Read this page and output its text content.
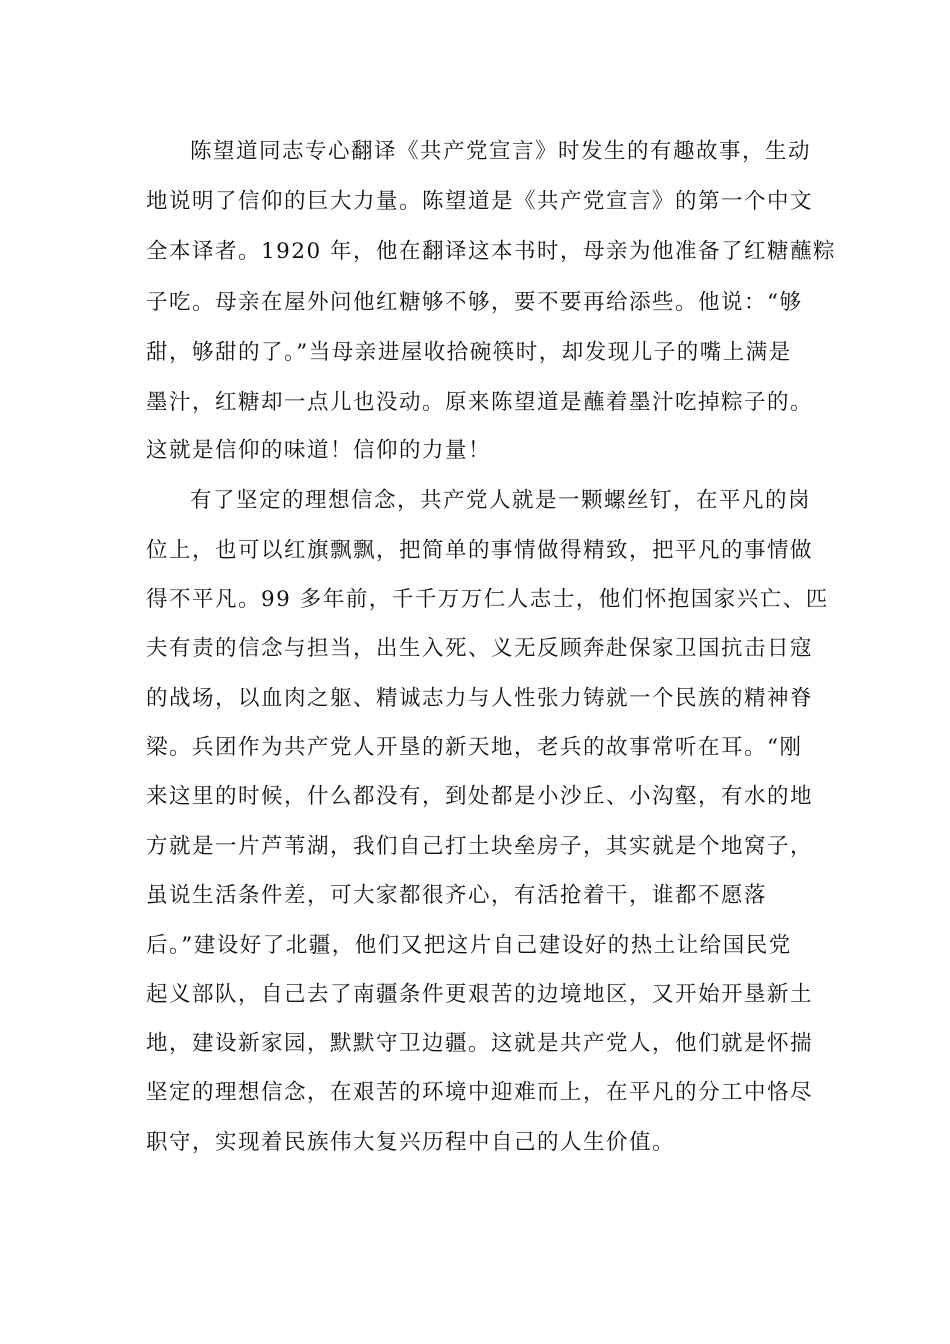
陈望道同志专心翻译《共产党宣言》时发生的有趣故事，生动
地说明了信仰的巨大力量。陈望道是《共产党宣言》的第一个中文
全本译者。1920 年，他在翻译这本书时，母亲为他准备了红糖蘸粽
子吃。母亲在屋外问他红糖够不够，要不要再给添些。他说：“够
甜，够甜的了。”当母亲进屋收拾碗筷时，却发现儿子的嘴上满是
墨汁，红糖却一点儿也没动。原来陈望道是蘸着墨汁吃掉粽子的。
这就是信仰的味道！信仰的力量！
有了坚定的理想信念，共产党人就是一颗螺丝钉，在平凡的岗
位上，也可以红旗飘飘，把简单的事情做得精致，把平凡的事情做
得不平凡。99 多年前，千千万万仁人志士，他们怀抱国家兴亡、匹
夫有责的信念与担当，出生入死、义无反顾奔赴保家卫国抗击日寇
的战场，以血肉之躯、精诚志力与人性张力铸就一个民族的精神脊
梁。兵团作为共产党人开垦的新天地，老兵的故事常听在耳。“刚
来这里的时候，什么都没有，到处都是小沙丘、小沟壑，有水的地
方就是一片芦苇湖，我们自己打土块垒房子，其实就是个地窝子，
虽说生活条件差，可大家都很齐心，有活抢着干，谁都不愿落
后。”建设好了北疆，他们又把这片自己建设好的热土让给国民党
起义部队，自己去了南疆条件更艰苦的边境地区，又开始开垦新土
地，建设新家园，默默守卫边疆。这就是共产党人，他们就是怀揣
坚定的理想信念，在艰苦的环境中迎难而上，在平凡的分工中恪尽
职守，实现着民族伟大复兴历程中自己的人生价值。
